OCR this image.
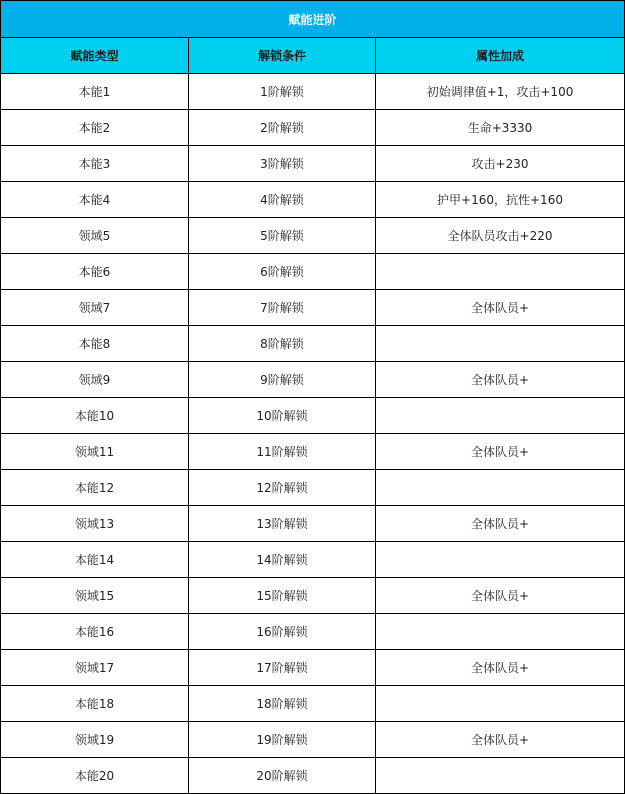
赋能进阶		
赋能类型	解锁条件	属性加成
本能1	1阶解锁	初始调律值+1，攻击+100
本能2	2阶解锁	生命+3330
本能3	3阶解锁	攻击+230
本能4	4阶解锁	护甲+160，抗性+160
领域5	5阶解锁	全体队员攻击+220
本能6	6阶解锁	
领域7	7阶解锁	全体队员+
本能8	8阶解锁	
领域9	9阶解锁	全体队员+
本能10	10阶解锁	
领域11	11阶解锁	全体队员+
本能12	12阶解锁	
领域13	13阶解锁	全体队员+
本能14	14阶解锁	
领域15	15阶解锁	全体队员+
本能16	16阶解锁	
领域17	17阶解锁	全体队员+
本能18	18阶解锁	
领域19	19阶解锁	全体队员+
本能20	20阶解锁	
